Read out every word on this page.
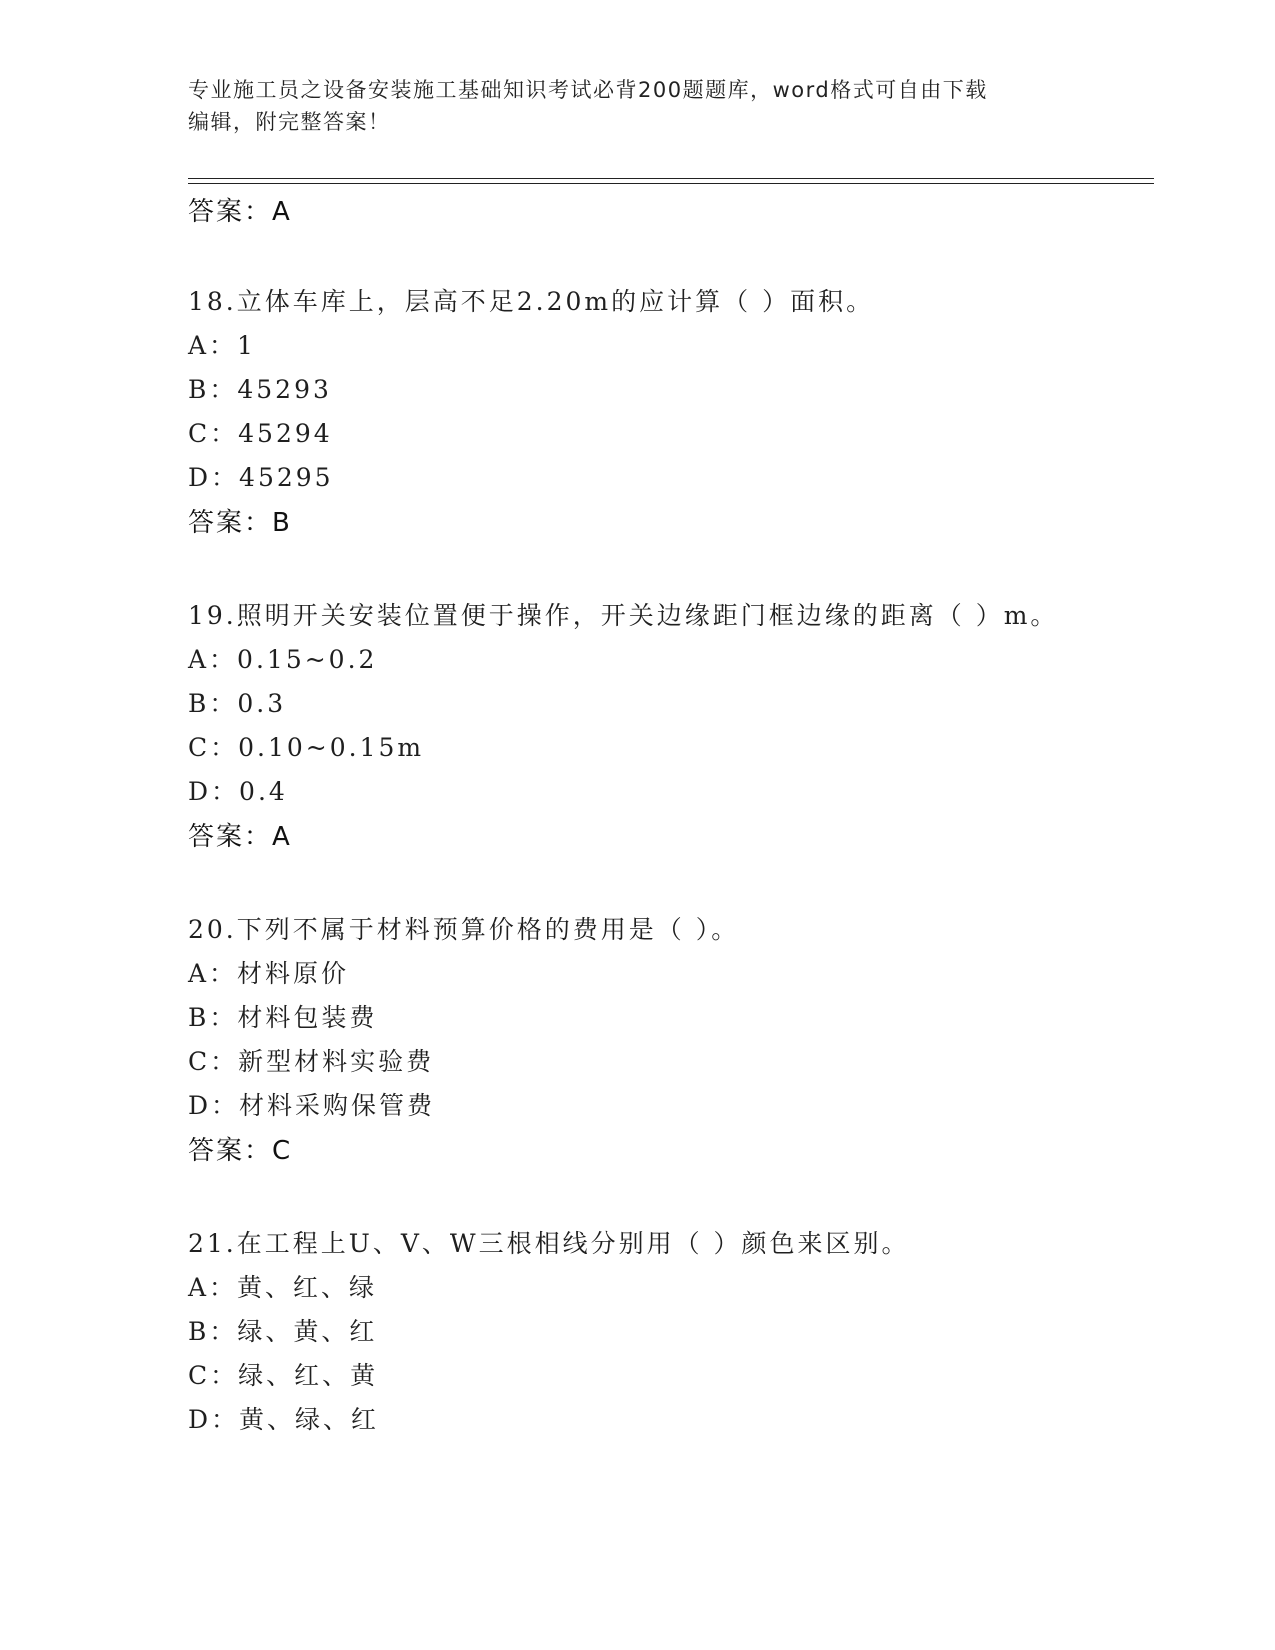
专业施工员之设备安装施工基础知识考试必背200题题库，word格式可自由下载
编辑，附完整答案！
答案：A
18.立体车库上，层高不足2.20m的应计算（ ）面积。
A：1
B：45293
C：45294
D：45295
答案：B
19.照明开关安装位置便于操作，开关边缘距门框边缘的距离（ ）m。
A：0.15~0.2
B：0.3
C：0.10~0.15m
D：0.4
答案：A
20.下列不属于材料预算价格的费用是（ ）。
A：材料原价
B：材料包装费
C：新型材料实验费
D：材料采购保管费
答案：C
21.在工程上U、V、W三根相线分别用（ ）颜色来区别。
A：黄、红、绿
B：绿、黄、红
C：绿、红、黄
D：黄、绿、红
